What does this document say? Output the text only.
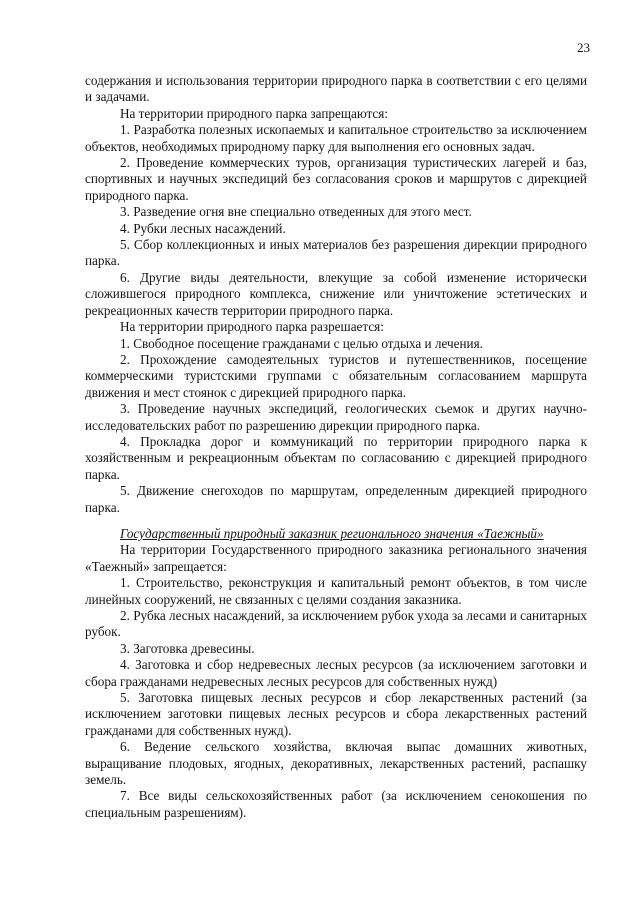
23

содержания и использования территории природного парка в соответствии с его целями и задачами.

На территории природного парка запрещаются:

1. Разработка полезных ископаемых и капитальное строительство за исключением объектов, необходимых природному парку для выполнения его основных задач.

2. Проведение коммерческих туров, организация туристических лагерей и баз, спортивных и научных экспедиций без согласования сроков и маршрутов с дирекцией природного парка.

3. Разведение огня вне специально отведенных для этого мест.

4. Рубки лесных насаждений.

5. Сбор коллекционных и иных материалов без разрешения дирекции природного парка.

6. Другие виды деятельности, влекущие за собой изменение исторически сложившегося природного комплекса, снижение или уничтожение эстетических и рекреационных качеств территории природного парка.

На территории природного парка разрешается:

1. Свободное посещение гражданами с целью отдыха и лечения.

2. Прохождение самодеятельных туристов и путешественников, посещение коммерческими туристскими группами с обязательным согласованием маршрута движения и мест стоянок с дирекцией природного парка.

3. Проведение научных экспедиций, геологических сьемок и других научно-исследовательских работ по разрешению дирекции природного парка.

4. Прокладка дорог и коммуникаций по территории природного парка к хозяйственным и рекреационным объектам по согласованию с дирекцией природного парка.

5. Движение снегоходов по маршрутам, определенным дирекцией природного парка.

Государственный природный заказник регионального значения «Таежный»

На территории Государственного природного заказника регионального значения «Таежный» запрещается:

1. Строительство, реконструкция и капитальный ремонт объектов, в том числе линейных сооружений, не связанных с целями создания заказника.

2. Рубка лесных насаждений, за исключением рубок ухода за лесами и санитарных рубок.

3. Заготовка древесины.

4. Заготовка и сбор недревесных лесных ресурсов (за исключением заготовки и сбора гражданами недревесных лесных ресурсов для собственных нужд)

5. Заготовка пищевых лесных ресурсов и сбор лекарственных растений (за исключением заготовки пищевых лесных ресурсов и сбора лекарственных растений гражданами для собственных нужд).

6. Ведение сельского хозяйства, включая выпас домашних животных, выращивание плодовых, ягодных, декоративных, лекарственных растений, распашку земель.

7. Все виды сельскохозяйственных работ (за исключением сенокошения по специальным разрешениям).
